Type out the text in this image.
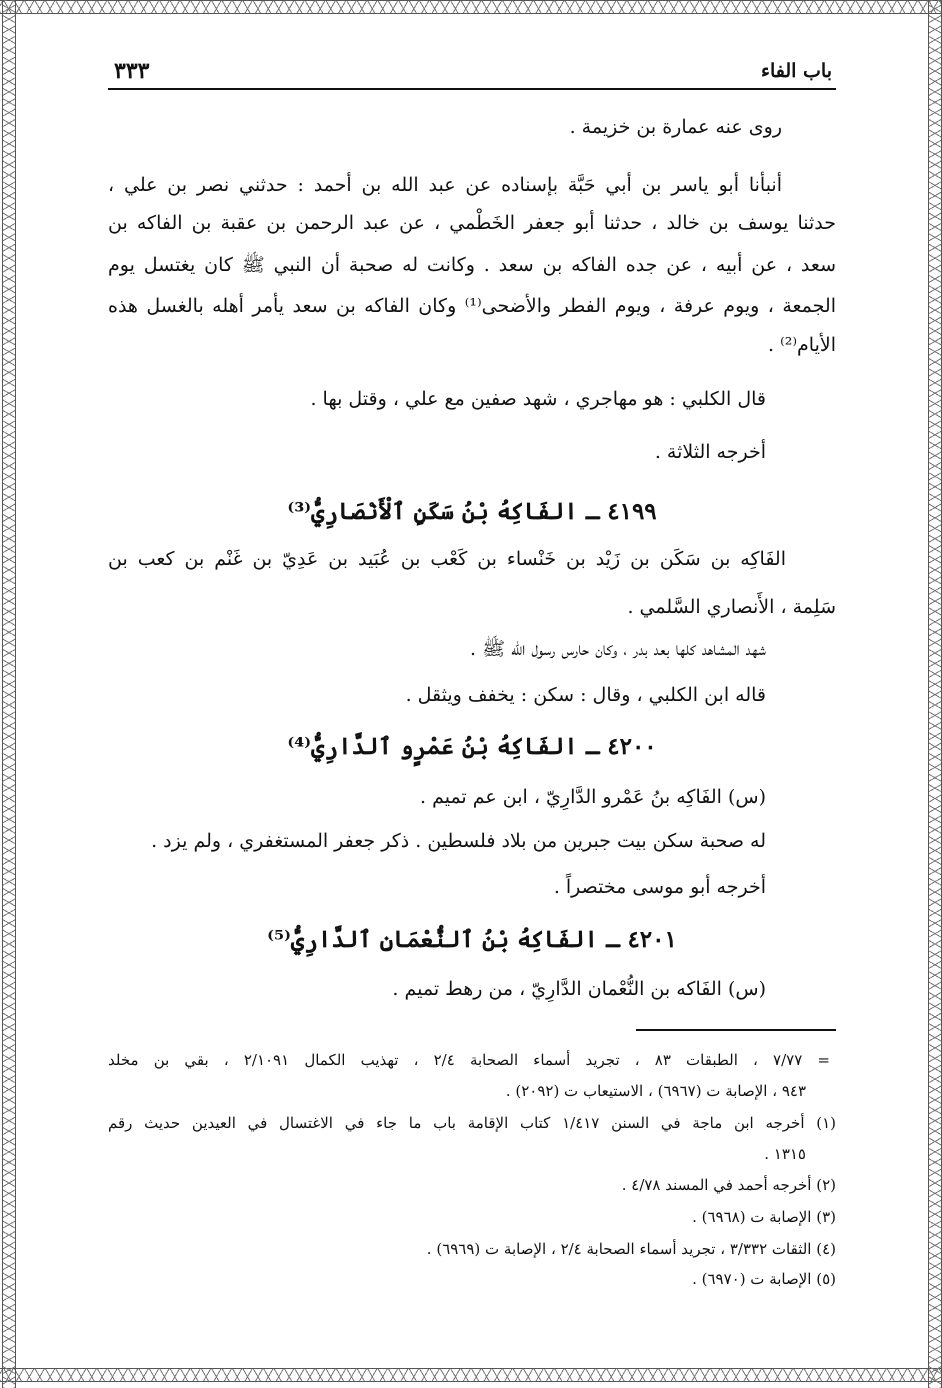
باب الفاء
٣٣٣
روى عنه عمارة بن خزيمة .
أنبأنا أبو ياسر بن أبي حَبَّة بإسناده عن عبد الله بن أحمد : حدثني نصر بن علي ،
حدثنا يوسف بن خالد ، حدثنا أبو جعفر الخَطْمي ، عن عبد الرحمن بن عقبة بن الفاكه بن
سعد ، عن أبيه ، عن جده الفاكه بن سعد . وكانت له صحبة أن النبي ﷺ كان يغتسل يوم
الجمعة ، ويوم عرفة ، ويوم الفطر والأضحى⁽¹⁾ وكان الفاكه بن سعد يأمر أهله بالغسل هذه
الأيام⁽²⁾ .
قال الكلبي : هو مهاجري ، شهد صفين مع علي ، وقتل بها .
أخرجه الثلاثة .
٤١٩٩ ـ الفَاكِهُ بْنُ سَكَنٍ ٱلْأَنْصَارِيُّ⁽³⁾
الفَاكِه بن سَكَن بن زَيْد بن خَنْساء بن كَعْب بن عُبَيد بن عَدِيّ بن غَنْم بن كعب بن
سَلِمة ، الأَنصاري السَّلمي .
شهد المشاهد كلها بعد بدر ، وكان حارس رسول الله ﷺ .
قاله ابن الكلبي ، وقال : سكن : يخفف ويثقل .
٤٢٠٠ ـ الفَاكِهُ بْنُ عَمْرٍو ٱلدَّارِيُّ⁽⁴⁾
(س) الفَاكِه بنُ عَمْرو الدَّارِيّ ، ابن عم تميم .
له صحبة سكن بيت جبرين من بلاد فلسطين . ذكر جعفر المستغفري ، ولم يزد .
أخرجه أبو موسى مختصراً .
٤٢٠١ ـ الفَاكِهُ بْنُ ٱلنُّعْمَانِ ٱلدَّارِيُّ⁽⁵⁾
(س) الفَاكه بن النُّعْمان الدَّارِيّ ، من رهط تميم .
= ٧/٧٧ ، الطبقات ٨٣ ، تجريد أسماء الصحابة ٢/٤ ، تهذيب الكمال ٢/١٠٩١ ، بقي بن مخلد
٩٤٣ ، الإصابة ت (٦٩٦٧) ، الاستيعاب ت (٢٠٩٢) .
(١) أخرجه ابن ماجة في السنن ١/٤١٧ كتاب الإقامة باب ما جاء في الاغتسال في العيدين حديث رقم
١٣١٥ .
(٢) أخرجه أحمد في المسند ٤/٧٨ .
(٣) الإصابة ت (٦٩٦٨) .
(٤) الثقات ٣/٣٣٢ ، تجريد أسماء الصحابة ٢/٤ ، الإصابة ت (٦٩٦٩) .
(٥) الإصابة ت (٦٩٧٠) .
